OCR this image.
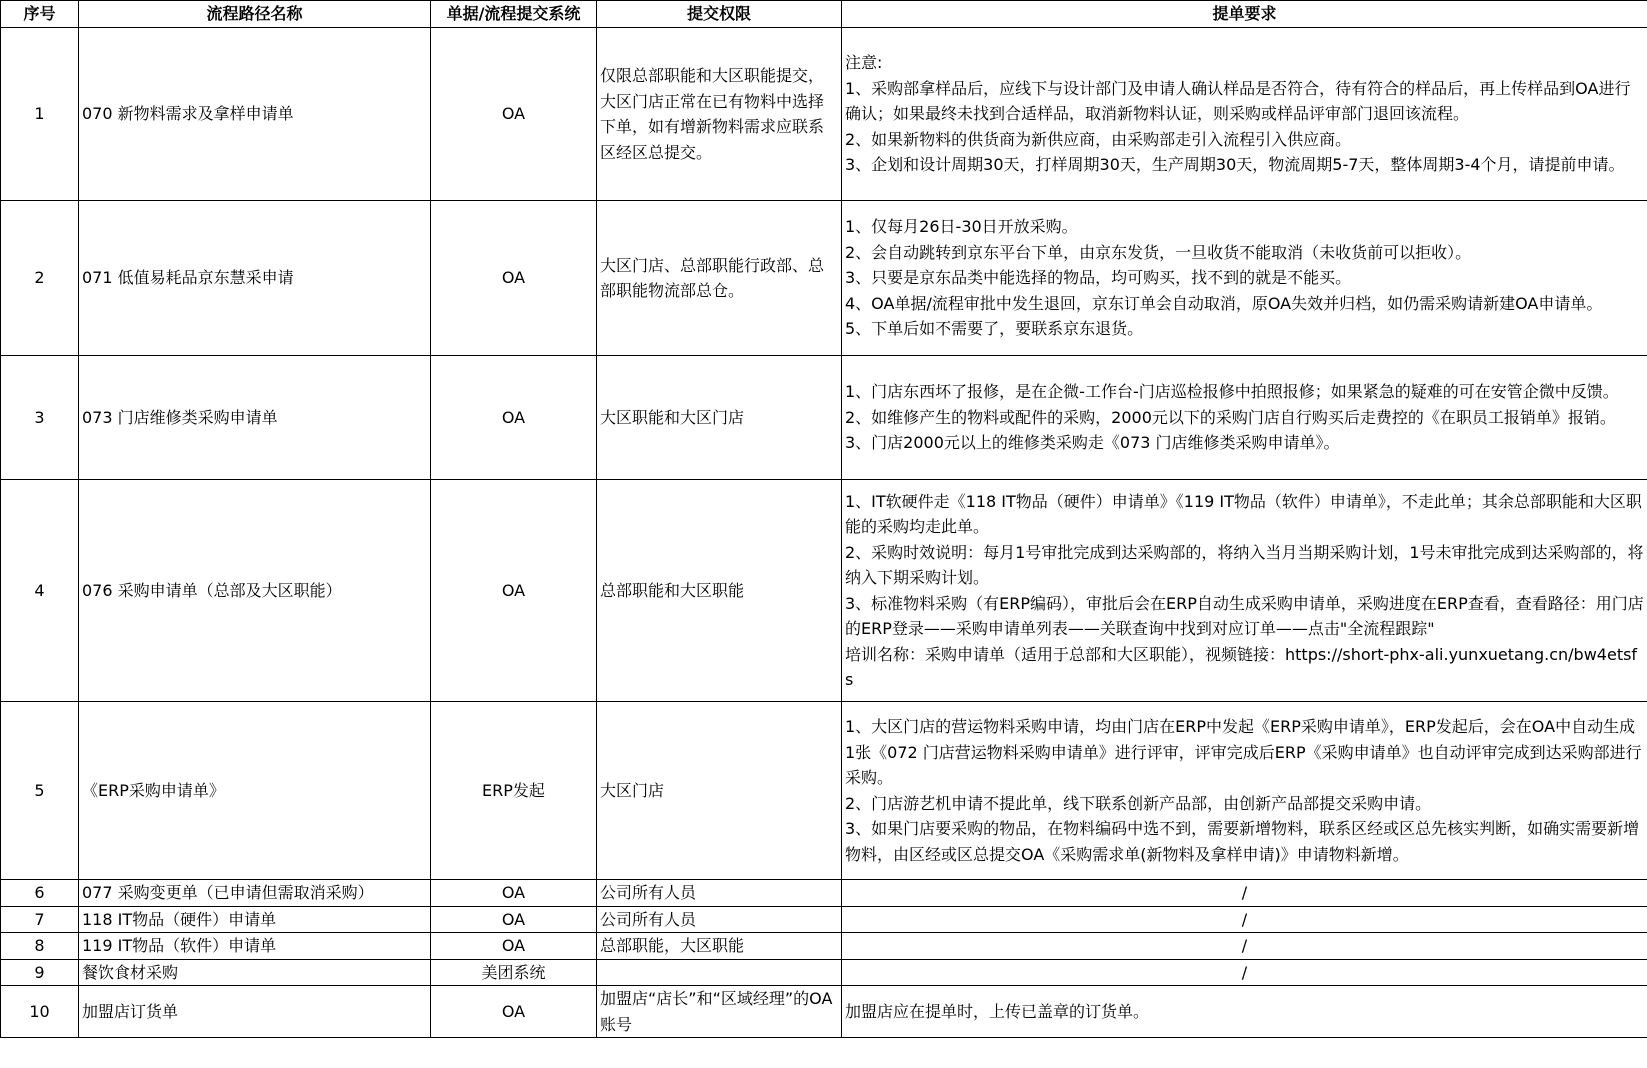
序号	流程路径名称	单据/流程提交系统	提交权限	提单要求
1	070 新物料需求及拿样申请单	OA	仅限总部职能和大区职能提交，大区门店正常在已有物料中选择下单，如有增新物料需求应联系区经区总提交。	注意:
1、采购部拿样品后，应线下与设计部门及申请人确认样品是否符合，待有符合的样品后，再上传样品到OA进行确认；如果最终未找到合适样品，取消新物料认证，则采购或样品评审部门退回该流程。
2、如果新物料的供货商为新供应商，由采购部走引入流程引入供应商。
3、企划和设计周期30天，打样周期30天，生产周期30天，物流周期5-7天，整体周期3-4个月，请提前申请。

2	071 低值易耗品京东慧采申请	OA	大区门店、总部职能行政部、总部职能物流部总仓。	1、仅每月26日-30日开放采购。
2、会自动跳转到京东平台下单，由京东发货，一旦收货不能取消（未收货前可以拒收）。
3、只要是京东品类中能选择的物品，均可购买，找不到的就是不能买。
4、OA单据/流程审批中发生退回，京东订单会自动取消，原OA失效并归档，如仍需采购请新建OA申请单。
5、下单后如不需要了，要联系京东退货。

3	073 门店维修类采购申请单	OA	大区职能和大区门店	1、门店东西坏了报修，是在企微-工作台-门店巡检报修中拍照报修；如果紧急的疑难的可在安管企微中反馈。
2、如维修产生的物料或配件的采购，2000元以下的采购门店自行购买后走费控的《在职员工报销单》报销。
3、门店2000元以上的维修类采购走《073 门店维修类采购申请单》。

4	076 采购申请单（总部及大区职能）	OA	总部职能和大区职能	1、IT软硬件走《118 IT物品（硬件）申请单》《119 IT物品（软件）申请单》，不走此单；其余总部职能和大区职能的采购均走此单。
2、采购时效说明：每月1号审批完成到达采购部的，将纳入当月当期采购计划，1号未审批完成到达采购部的，将纳入下期采购计划。
3、标准物料采购（有ERP编码），审批后会在ERP自动生成采购申请单，采购进度在ERP查看，查看路径：用门店的ERP登录——采购申请单列表——关联查询中找到对应订单——点击"全流程跟踪"
培训名称：采购申请单（适用于总部和大区职能），视频链接：https://short-phx-ali.yunxuetang.cn/bw4etsfs

5	《ERP采购申请单》	ERP发起	大区门店	1、大区门店的营运物料采购申请，均由门店在ERP中发起《ERP采购申请单》，ERP发起后，会在OA中自动生成1张《072 门店营运物料采购申请单》进行评审，评审完成后ERP《采购申请单》也自动评审完成到达采购部进行采购。
2、门店游艺机申请不提此单，线下联系创新产品部，由创新产品部提交采购申请。
3、如果门店要采购的物品，在物料编码中选不到，需要新增物料，联系区经或区总先核实判断，如确实需要新增物料，由区经或区总提交OA《采购需求单(新物料及拿样申请)》申请物料新增。

6	077 采购变更单（已申请但需取消采购）	OA	公司所有人员	/
7	118 IT物品（硬件）申请单	OA	公司所有人员	/
8	119 IT物品（软件）申请单	OA	总部职能，大区职能	/
9	餐饮食材采购	美团系统		/
10	加盟店订货单	OA	加盟店“店长”和“区域经理”的OA账号	加盟店应在提单时，上传已盖章的订货单。
